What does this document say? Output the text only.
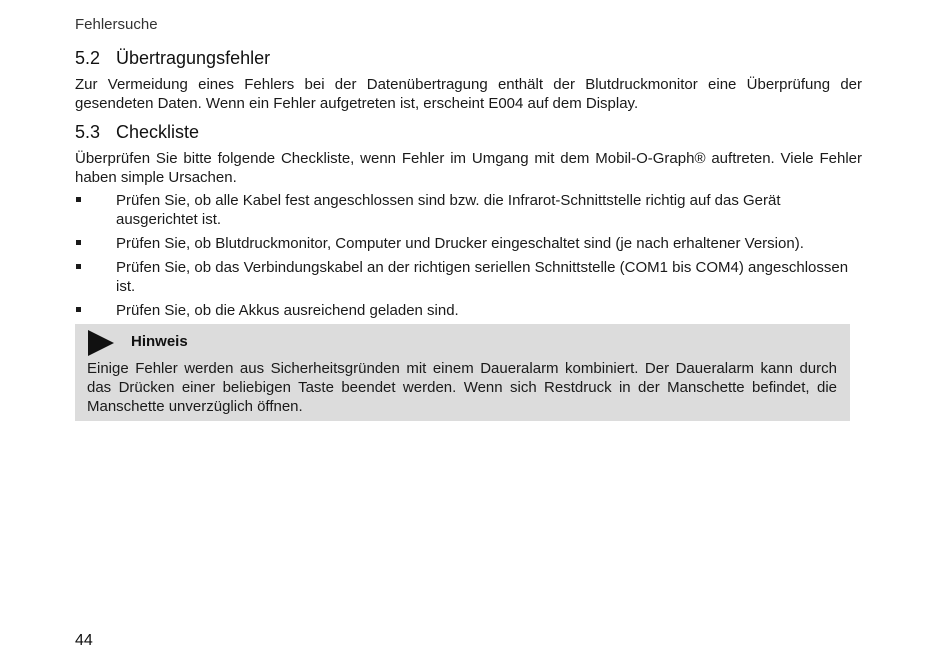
Fehlersuche
5.2 Übertragungsfehler

Zur Vermeidung eines Fehlers bei der Datenübertragung enthält der Blutdruckmonitor eine Überprüfung der gesendeten Daten. Wenn ein Fehler aufgetreten ist, erscheint E004 auf dem Display.

5.3 Checkliste

Überprüfen Sie bitte folgende Checkliste, wenn Fehler im Umgang mit dem Mobil-O-Graph® auftreten. Viele Fehler haben simple Ursachen.

Prüfen Sie, ob alle Kabel fest angeschlossen sind bzw. die Infrarot-Schnittstelle richtig auf das Gerät ausgerichtet ist.
Prüfen Sie, ob Blutdruckmonitor, Computer und Drucker eingeschaltet sind (je nach erhaltener Version).
Prüfen Sie, ob das Verbindungskabel an der richtigen seriellen Schnittstelle (COM1 bis COM4) angeschlossen ist.
Prüfen Sie, ob die Akkus ausreichend geladen sind.
Hinweis

Einige Fehler werden aus Sicherheitsgründen mit einem Daueralarm kombiniert. Der Daueralarm kann durch das Drücken einer beliebigen Taste beendet werden. Wenn sich Restdruck in der Manschette befindet, die Manschette unverzüglich öffnen.

44
